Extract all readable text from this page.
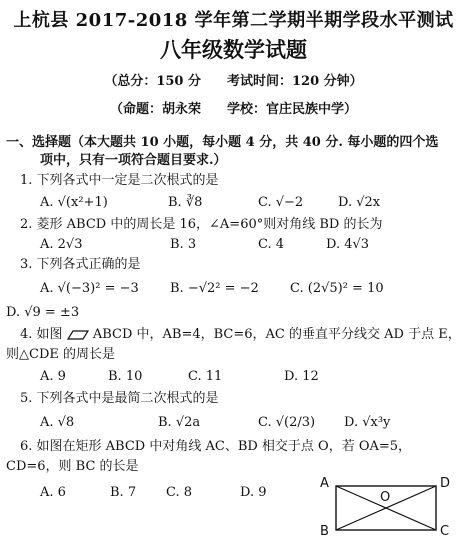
上杭县 2017-2018 学年第二学期半期学段水平测试
八年级数学试题
（总分：150 分　　考试时间：120 分钟）
（命题：胡永荣　　学校：官庄民族中学）
一、选择题（本大题共 10 小题，每小题 4 分，共 40 分. 每小题的四个选
项中，只有一项符合题目要求.）
1. 下列各式中一定是二次根式的是
A. √(x²+1)	B. ∛8	C. √−2	D. √2x
2. 菱形 ABCD 中的周长是 16，∠A=60°则对角线 BD 的长为
A. 2√3	B. 3	C. 4	D. 4√3
3. 下列各式正确的是
A. √(−3)² = −3 B. −√2² = −2 C. (2√5)² = 10
D. √9 = ±3
4. 如图 ABCD 中，AB=4，BC=6，AC 的垂直平分线交 AD 于点 E，
则△CDE 的周长是
A. 9	B. 10	C. 11	D. 12
5. 下列各式中是最简二次根式的是
A. √8	B. √2a	C. √(2/3) D. √x³y
6. 如图在矩形 ABCD 中对角线 AC、BD 相交于点 O，若 OA=5，
CD=6，则 BC 的长是
A. 6	B. 7 C. 8	D. 9
A	D
B	C
O
